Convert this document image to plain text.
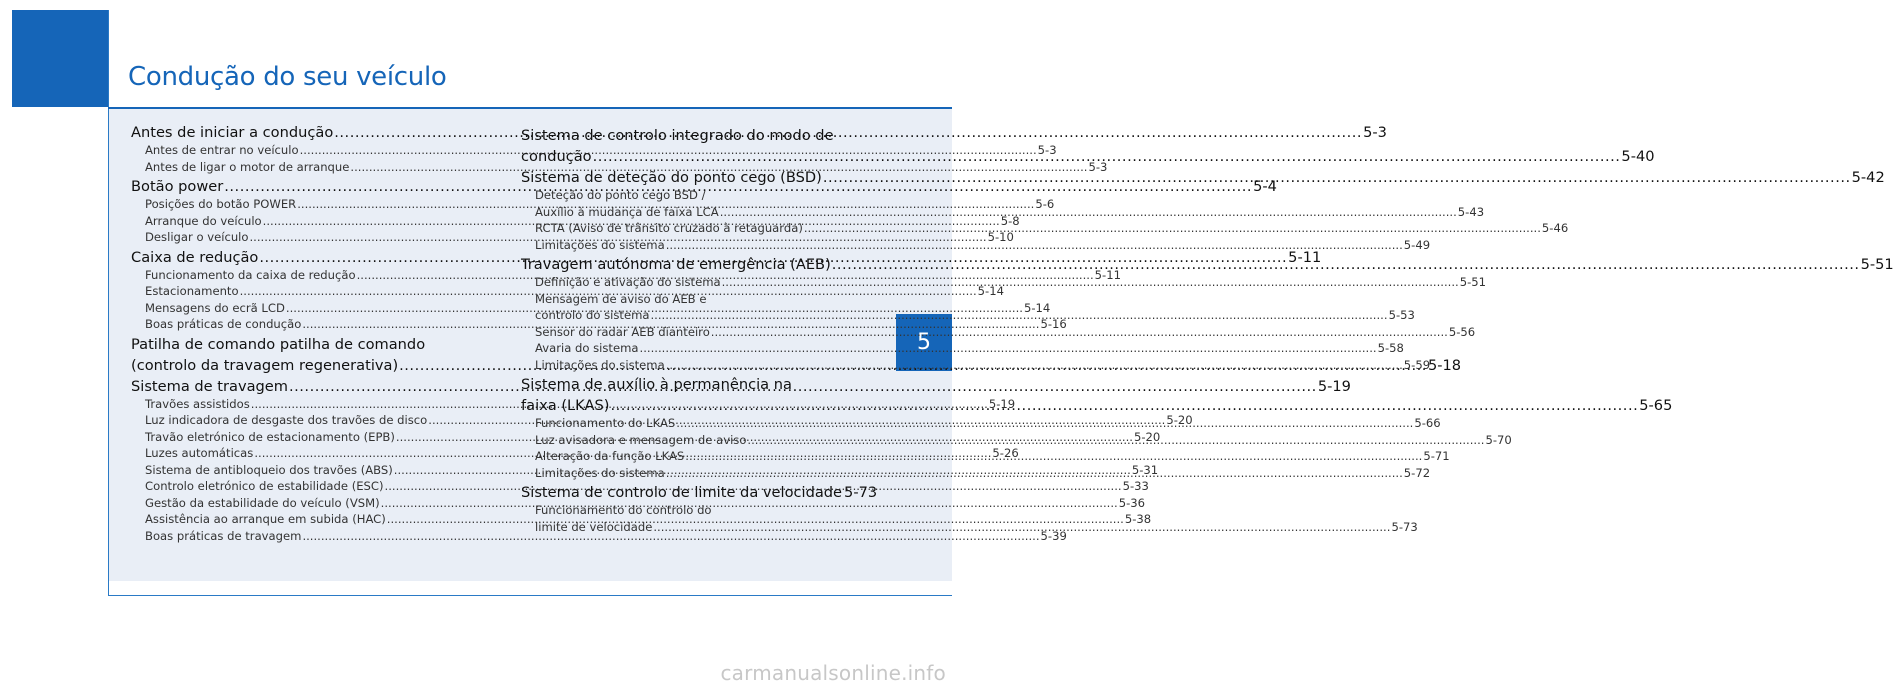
Condução do seu veículo
5
Antes de iniciar a condução .....	5-3
Antes de entrar no veículo .....	5-3
Antes de ligar o motor de arranque .....	5-3
Botão power .....	5-4
Posições do botão POWER .....	5-6
Arranque do veículo .....	5-8
Desligar o veículo .....	5-10
Caixa de redução .....	5-11
Funcionamento da caixa de redução .....	5-11
Estacionamento .....	5-14
Mensagens do ecrã LCD .....	5-14
Boas práticas de condução .....	5-16
Patilha de comando patilha de comando
(controlo da travagem regenerativa) .....	5-18
Sistema de travagem .....	5-19
Travões assistidos .....	5-19
Luz indicadora de desgaste dos travões de disco .....	5-20
Travão eletrónico de estacionamento (EPB) .....	5-20
Luzes automáticas .....	5-26
Sistema de antibloqueio dos travões (ABS) .....	5-31
Controlo eletrónico de estabilidade (ESC) .....	5-33
Gestão da estabilidade do veículo (VSM) .....	5-36
Assistência ao arranque em subida (HAC) .....	5-38
Boas práticas de travagem .....	5-39
Sistema de controlo integrado do modo de
condução .....	5-40
Sistema de deteção do ponto cego (BSD) .....	5-42
Deteção do ponto cego BSD /
Auxílio à mudança de faixa LCA .....	5-43
RCTA (Aviso de trânsito cruzado à retaguarda) .....	5-46
Limitações do sistema .....	5-49
Travagem autónoma de emergência (AEB) .....	5-51
Definição e ativação do sistema .....	5-51
Mensagem de aviso do AEB e
controlo do sistema .....	5-53
Sensor do radar AEB dianteiro .....	5-56
Avaria do sistema .....	5-58
Limitações do sistema .....	5-59
Sistema de auxílio à permanência na
faixa (LKAS) .....	5-65
Funcionamento do LKAS .....	5-66
Luz avisadora e mensagem de aviso .....	5-70
Alteração da função LKAS .....	5-71
Limitações do sistema .....	5-72
Sistema de controlo de limite da velocidade 5-73
Funcionamento do controlo do
limite de velocidade .....	5-73
carmanualsonline.info
